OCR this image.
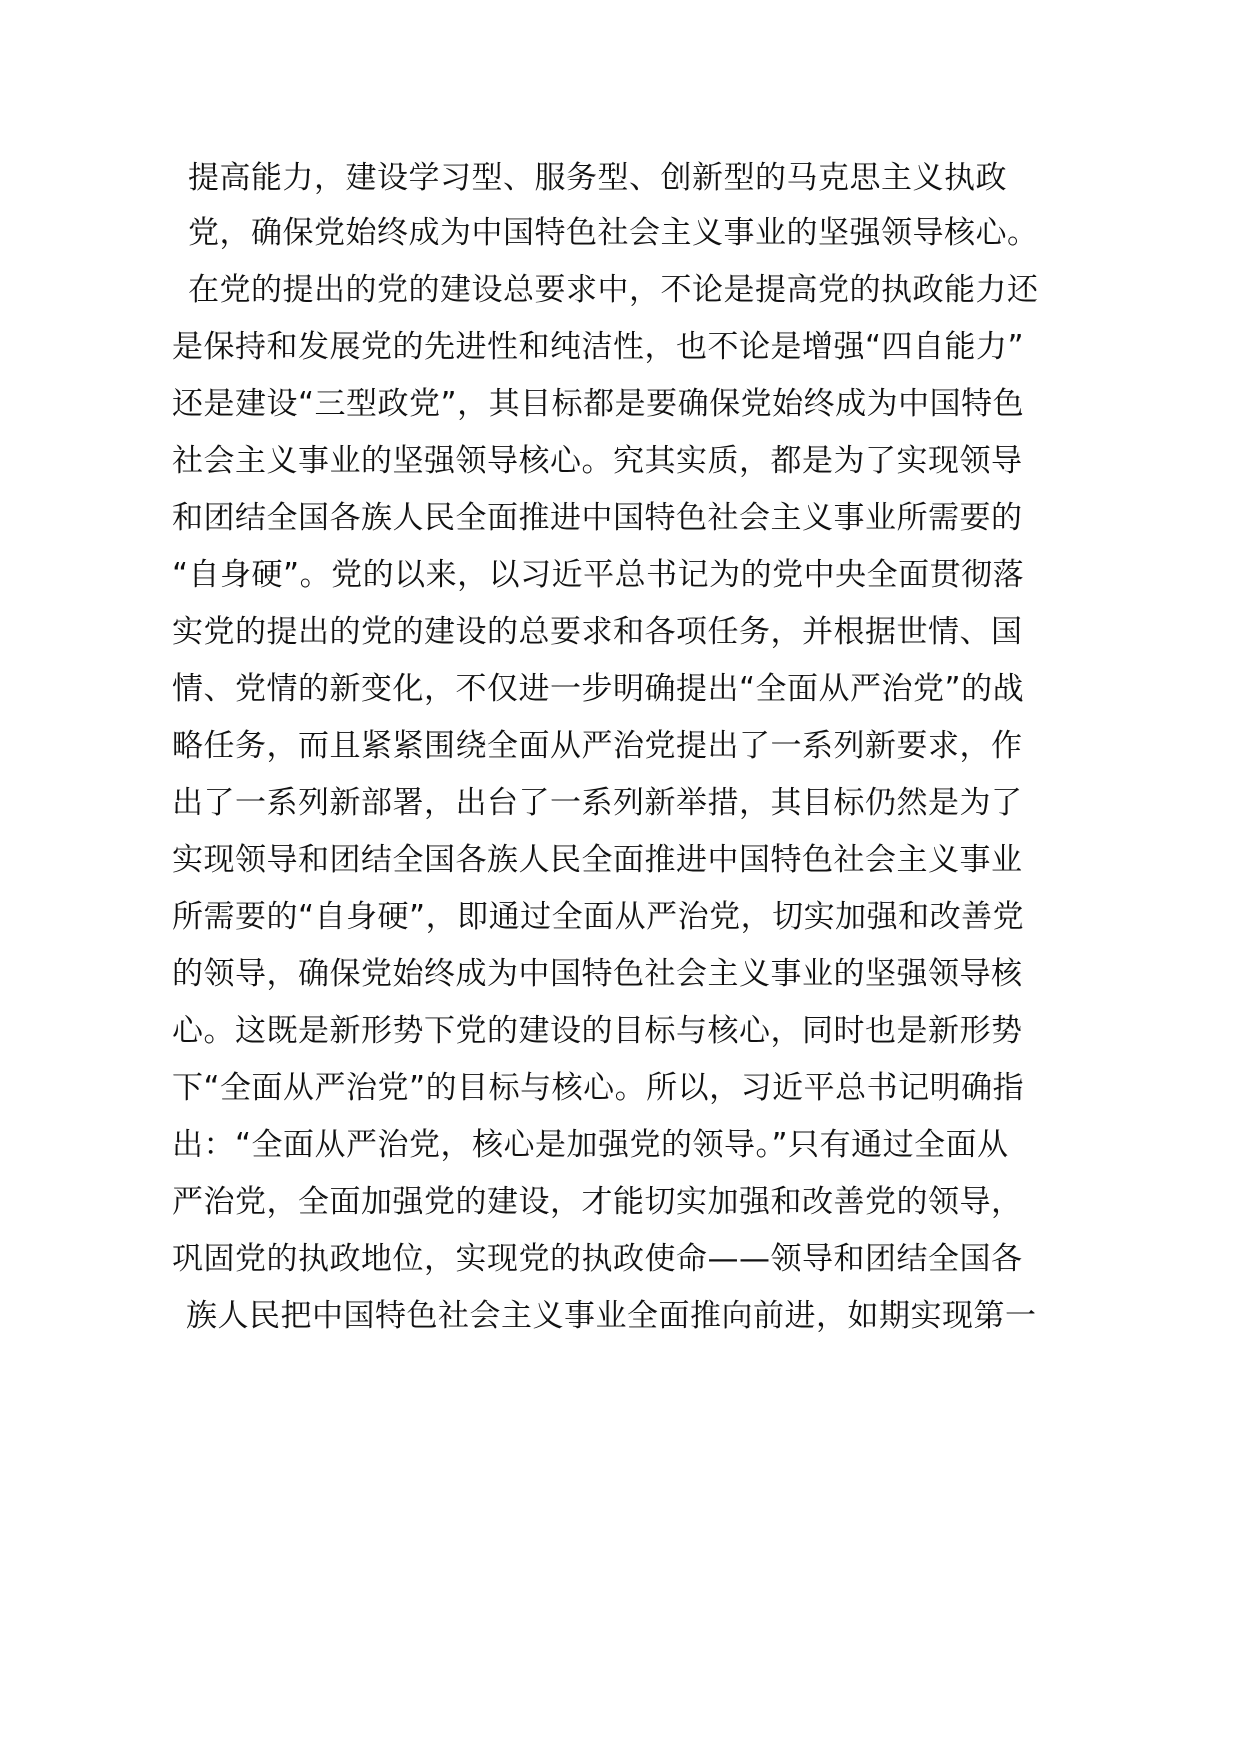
提高能力，建设学习型、服务型、创新型的马克思主义执政
党，确保党始终成为中国特色社会主义事业的坚强领导核心。
在党的提出的党的建设总要求中，不论是提高党的执政能力还
是保持和发展党的先进性和纯洁性，也不论是增强“四自能力”
还是建设“三型政党”，其目标都是要确保党始终成为中国特色
社会主义事业的坚强领导核心。究其实质，都是为了实现领导
和团结全国各族人民全面推进中国特色社会主义事业所需要的
“自身硬”。党的以来，以习近平总书记为的党中央全面贯彻落
实党的提出的党的建设的总要求和各项任务，并根据世情、国
情、党情的新变化，不仅进一步明确提出“全面从严治党”的战
略任务，而且紧紧围绕全面从严治党提出了一系列新要求，作
出了一系列新部署，出台了一系列新举措，其目标仍然是为了
实现领导和团结全国各族人民全面推进中国特色社会主义事业
所需要的“自身硬”，即通过全面从严治党，切实加强和改善党
的领导，确保党始终成为中国特色社会主义事业的坚强领导核
心。这既是新形势下党的建设的目标与核心，同时也是新形势
下“全面从严治党”的目标与核心。所以，习近平总书记明确指
出：“全面从严治党，核心是加强党的领导。”只有通过全面从
严治党，全面加强党的建设，才能切实加强和改善党的领导，
巩固党的执政地位，实现党的执政使命——领导和团结全国各
族人民把中国特色社会主义事业全面推向前进，如期实现第一
